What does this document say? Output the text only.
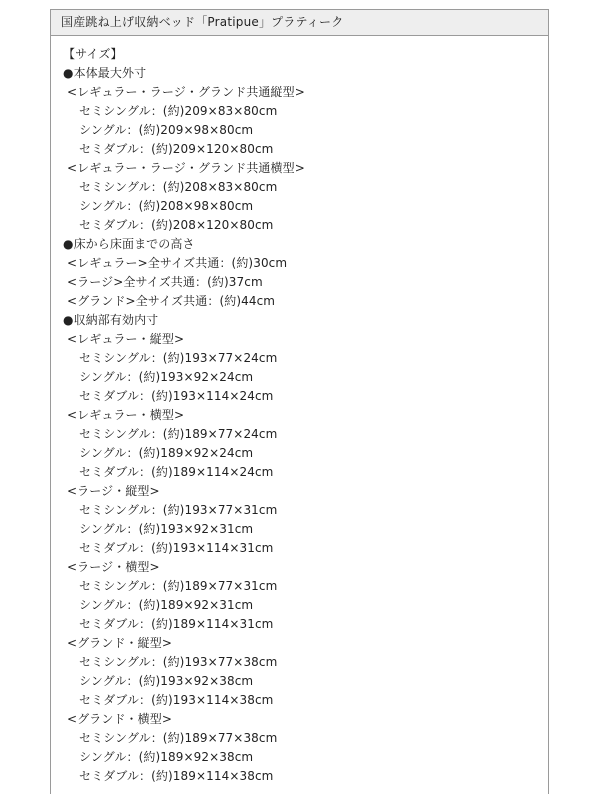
国産跳ね上げ収納ベッド「Pratipue」プラティーク
【サイズ】
●本体最大外寸
<レギュラー・ラージ・グランド共通縦型>
セミシングル：(約)209×83×80cm
シングル：(約)209×98×80cm
セミダブル：(約)209×120×80cm
<レギュラー・ラージ・グランド共通横型>
セミシングル：(約)208×83×80cm
シングル：(約)208×98×80cm
セミダブル：(約)208×120×80cm
●床から床面までの高さ
<レギュラー>全サイズ共通：(約)30cm
<ラージ>全サイズ共通：(約)37cm
<グランド>全サイズ共通：(約)44cm
●収納部有効内寸
<レギュラー・縦型>
セミシングル：(約)193×77×24cm
シングル：(約)193×92×24cm
セミダブル：(約)193×114×24cm
<レギュラー・横型>
セミシングル：(約)189×77×24cm
シングル：(約)189×92×24cm
セミダブル：(約)189×114×24cm
<ラージ・縦型>
セミシングル：(約)193×77×31cm
シングル：(約)193×92×31cm
セミダブル：(約)193×114×31cm
<ラージ・横型>
セミシングル：(約)189×77×31cm
シングル：(約)189×92×31cm
セミダブル：(約)189×114×31cm
<グランド・縦型>
セミシングル：(約)193×77×38cm
シングル：(約)193×92×38cm
セミダブル：(約)193×114×38cm
<グランド・横型>
セミシングル：(約)189×77×38cm
シングル：(約)189×92×38cm
セミダブル：(約)189×114×38cm
